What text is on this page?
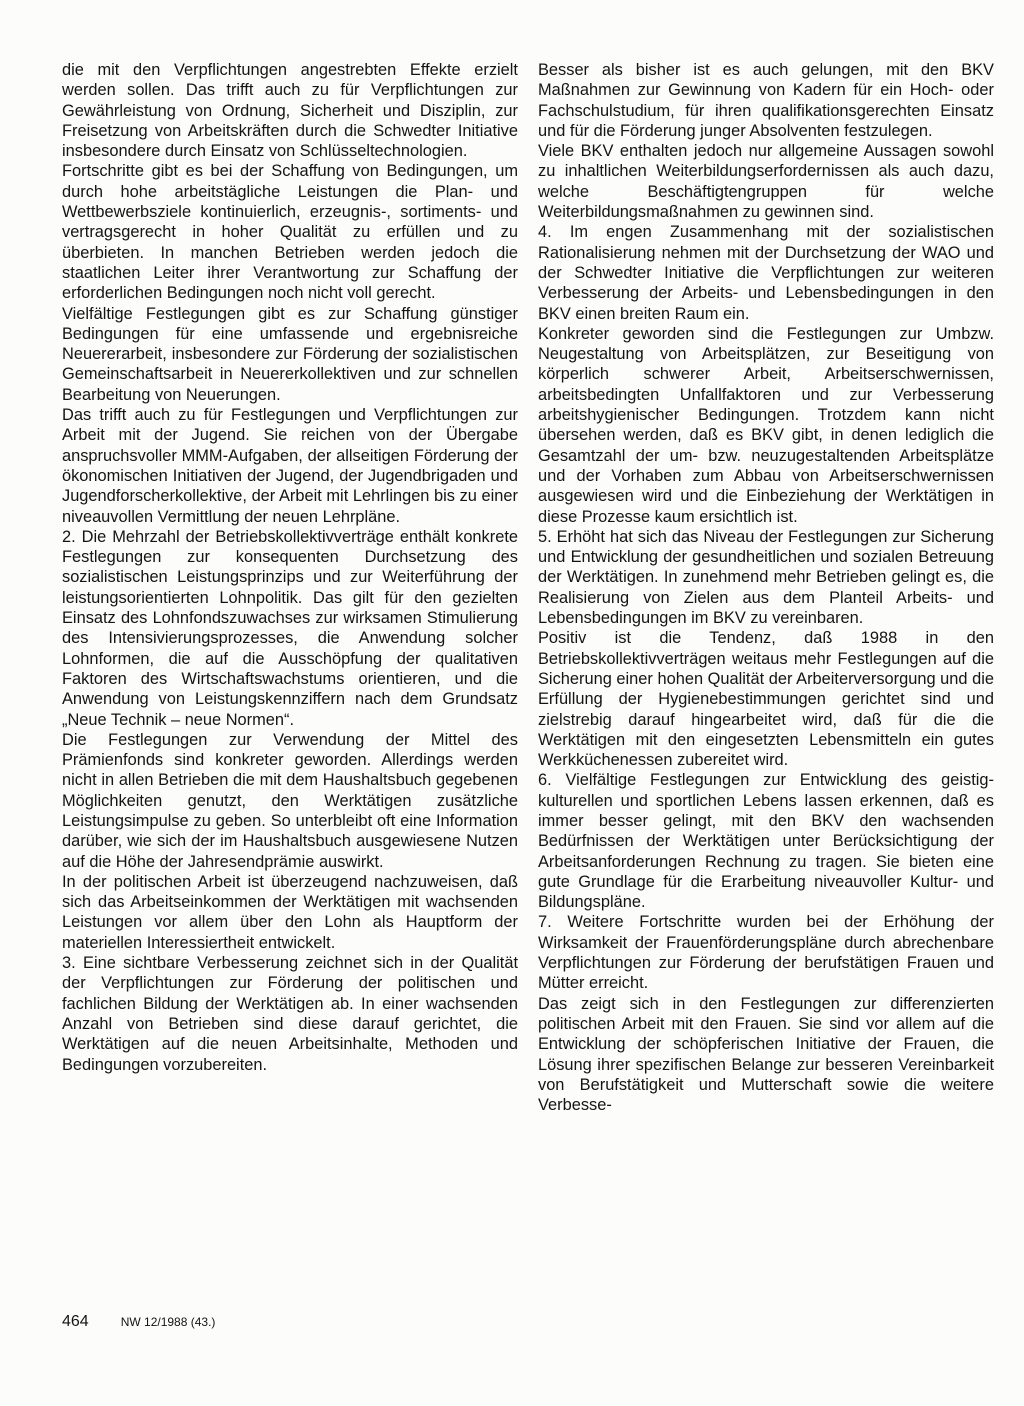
die mit den Verpflichtungen angestrebten Effekte erzielt werden sollen. Das trifft auch zu für Verpflichtungen zur Gewährleistung von Ordnung, Sicherheit und Disziplin, zur Freisetzung von Arbeitskräften durch die Schwedter Initiative insbesondere durch Einsatz von Schlüsseltechnologien.

Fortschritte gibt es bei der Schaffung von Bedingungen, um durch hohe arbeitstägliche Leistungen die Plan- und Wettbewerbsziele kontinuierlich, erzeugnis-, sortiments- und vertragsgerecht in hoher Qualität zu erfüllen und zu überbieten. In manchen Betrieben werden jedoch die staatlichen Leiter ihrer Verantwortung zur Schaffung der erforderlichen Bedingungen noch nicht voll gerecht.

Vielfältige Festlegungen gibt es zur Schaffung günstiger Bedingungen für eine umfassende und ergebnisreiche Neuererarbeit, insbesondere zur Förderung der sozialistischen Gemeinschaftsarbeit in Neuererkollektiven und zur schnellen Bearbeitung von Neuerungen.

Das trifft auch zu für Festlegungen und Verpflichtungen zur Arbeit mit der Jugend. Sie reichen von der Übergabe anspruchsvoller MMM-Aufgaben, der allseitigen Förderung der ökonomischen Initiativen der Jugend, der Jugendbrigaden und Jugendforscherkollektive, der Arbeit mit Lehrlingen bis zu einer niveauvollen Vermittlung der neuen Lehrpläne.

2. Die Mehrzahl der Betriebskollektivverträge enthält konkrete Festlegungen zur konsequenten Durchsetzung des sozialistischen Leistungsprinzips und zur Weiterführung der leistungsorientierten Lohnpolitik. Das gilt für den gezielten Einsatz des Lohnfondszuwachses zur wirksamen Stimulierung des Intensivierungsprozesses, die Anwendung solcher Lohnformen, die auf die Ausschöpfung der qualitativen Faktoren des Wirtschaftswachstums orientieren, und die Anwendung von Leistungskennziffern nach dem Grundsatz „Neue Technik – neue Normen“.

Die Festlegungen zur Verwendung der Mittel des Prämienfonds sind konkreter geworden. Allerdings werden nicht in allen Betrieben die mit dem Haushaltsbuch gegebenen Möglichkeiten genutzt, den Werktätigen zusätzliche Leistungsimpulse zu geben. So unterbleibt oft eine Information darüber, wie sich der im Haushaltsbuch ausgewiesene Nutzen auf die Höhe der Jahresendprämie auswirkt.

In der politischen Arbeit ist überzeugend nachzuweisen, daß sich das Arbeitseinkommen der Werktätigen mit wachsenden Leistungen vor allem über den Lohn als Hauptform der materiellen Interessiertheit entwickelt.

3. Eine sichtbare Verbesserung zeichnet sich in der Qualität der Verpflichtungen zur Förderung der politischen und fachlichen Bildung der Werktätigen ab. In einer wachsenden Anzahl von Betrieben sind diese darauf gerichtet, die Werktätigen auf die neuen Arbeitsinhalte, Methoden und Bedingungen vorzubereiten.

Besser als bisher ist es auch gelungen, mit den BKV Maßnahmen zur Gewinnung von Kadern für ein Hoch- oder Fachschulstudium, für ihren qualifikationsgerechten Einsatz und für die Förderung junger Absolventen festzulegen.

Viele BKV enthalten jedoch nur allgemeine Aussagen sowohl zu inhaltlichen Weiterbildungserfordernissen als auch dazu, welche Beschäftigtengruppen für welche Weiterbildungsmaßnahmen zu gewinnen sind.

4. Im engen Zusammenhang mit der sozialistischen Rationalisierung nehmen mit der Durchsetzung der WAO und der Schwedter Initiative die Verpflichtungen zur weiteren Verbesserung der Arbeits- und Lebensbedingungen in den BKV einen breiten Raum ein.

Konkreter geworden sind die Festlegungen zur Umbzw. Neugestaltung von Arbeitsplätzen, zur Beseitigung von körperlich schwerer Arbeit, Arbeitserschwernissen, arbeitsbedingten Unfallfaktoren und zur Verbesserung arbeitshygienischer Bedingungen. Trotzdem kann nicht übersehen werden, daß es BKV gibt, in denen lediglich die Gesamtzahl der um- bzw. neuzugestaltenden Arbeitsplätze und der Vorhaben zum Abbau von Arbeitserschwernissen ausgewiesen wird und die Einbeziehung der Werktätigen in diese Prozesse kaum ersichtlich ist.

5. Erhöht hat sich das Niveau der Festlegungen zur Sicherung und Entwicklung der gesundheitlichen und sozialen Betreuung der Werktätigen. In zunehmend mehr Betrieben gelingt es, die Realisierung von Zielen aus dem Planteil Arbeits- und Lebensbedingungen im BKV zu vereinbaren.

Positiv ist die Tendenz, daß 1988 in den Betriebskollektivverträgen weitaus mehr Festlegungen auf die Sicherung einer hohen Qualität der Arbeiterversorgung und die Erfüllung der Hygienebestimmungen gerichtet sind und zielstrebig darauf hingearbeitet wird, daß für die die Werktätigen mit den eingesetzten Lebensmitteln ein gutes Werkküchenessen zubereitet wird.

6. Vielfältige Festlegungen zur Entwicklung des geistig-kulturellen und sportlichen Lebens lassen erkennen, daß es immer besser gelingt, mit den BKV den wachsenden Bedürfnissen der Werktätigen unter Berücksichtigung der Arbeitsanforderungen Rechnung zu tragen. Sie bieten eine gute Grundlage für die Erarbeitung niveauvoller Kultur- und Bildungspläne.

7. Weitere Fortschritte wurden bei der Erhöhung der Wirksamkeit der Frauenförderungspläne durch abrechenbare Verpflichtungen zur Förderung der berufstätigen Frauen und Mütter erreicht.

Das zeigt sich in den Festlegungen zur differenzierten politischen Arbeit mit den Frauen. Sie sind vor allem auf die Entwicklung der schöpferischen Initiative der Frauen, die Lösung ihrer spezifischen Belange zur besseren Vereinbarkeit von Berufstätigkeit und Mutterschaft sowie die weitere Verbesse-

464	NW 12/1988 (43.)
